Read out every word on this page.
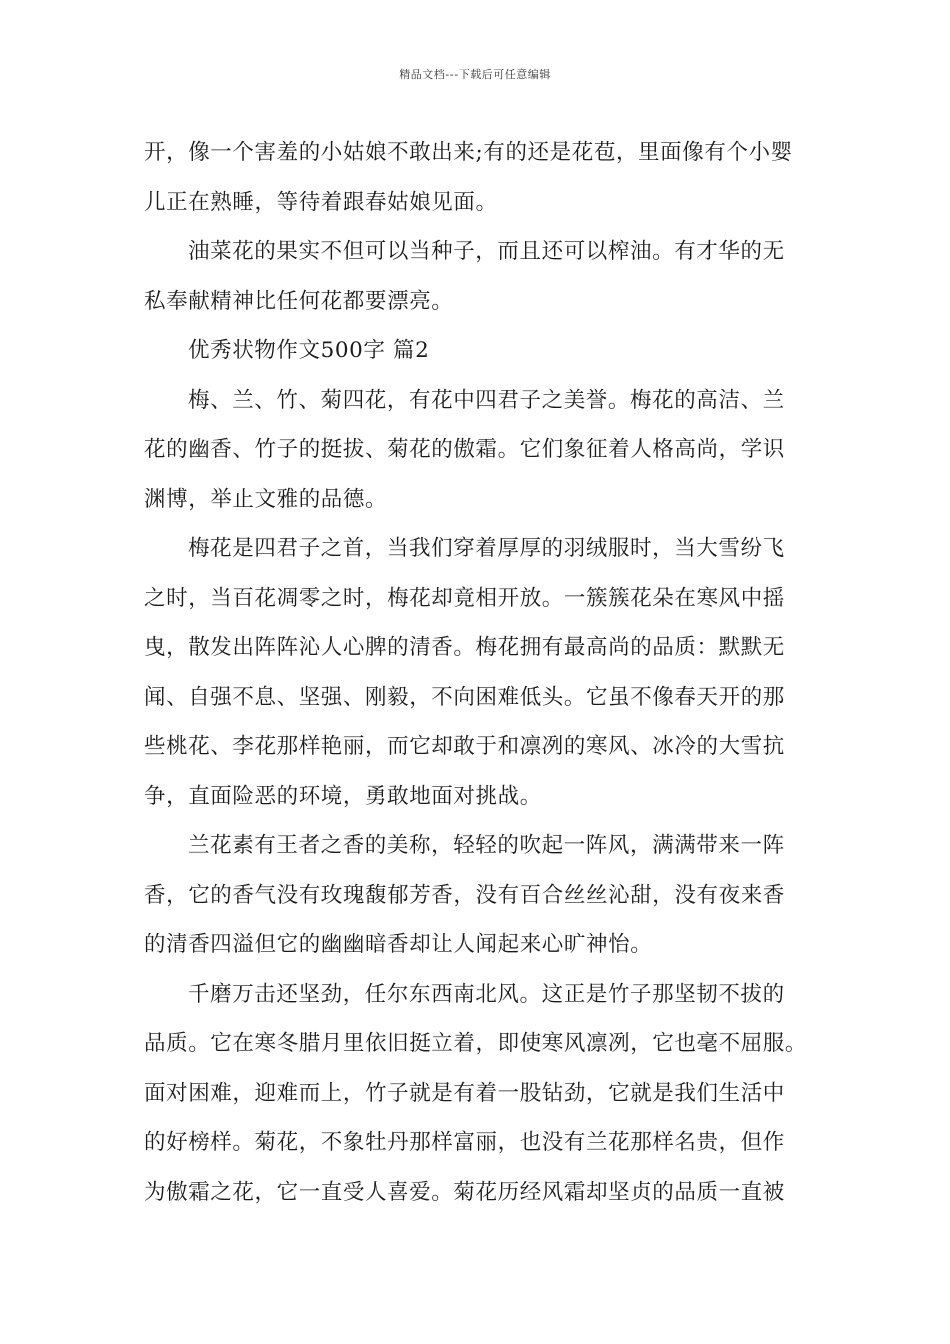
精品文档---下载后可任意编辑
开，像一个害羞的小姑娘不敢出来;有的还是花苞，里面像有个小婴
儿正在熟睡，等待着跟春姑娘见面。
油菜花的果实不但可以当种子，而且还可以榨油。有才华的无
私奉献精神比任何花都要漂亮。
优秀状物作文500字 篇2
梅、兰、竹、菊四花，有花中四君子之美誉。梅花的高洁、兰
花的幽香、竹子的挺拔、菊花的傲霜。它们象征着人格高尚，学识
渊博，举止文雅的品德。
梅花是四君子之首，当我们穿着厚厚的羽绒服时，当大雪纷飞
之时，当百花凋零之时，梅花却竟相开放。一簇簇花朵在寒风中摇
曳，散发出阵阵沁人心脾的清香。梅花拥有最高尚的品质：默默无
闻、自强不息、坚强、刚毅，不向困难低头。它虽不像春天开的那
些桃花、李花那样艳丽，而它却敢于和凛冽的寒风、冰冷的大雪抗
争，直面险恶的环境，勇敢地面对挑战。
兰花素有王者之香的美称，轻轻的吹起一阵风，满满带来一阵
香，它的香气没有玫瑰馥郁芳香，没有百合丝丝沁甜，没有夜来香
的清香四溢但它的幽幽暗香却让人闻起来心旷神怡。
千磨万击还坚劲，任尔东西南北风。这正是竹子那坚韧不拔的
品质。它在寒冬腊月里依旧挺立着，即使寒风凛冽，它也毫不屈服。
面对困难，迎难而上，竹子就是有着一股钻劲，它就是我们生活中
的好榜样。菊花，不象牡丹那样富丽，也没有兰花那样名贵，但作
为傲霜之花，它一直受人喜爱。菊花历经风霜却坚贞的品质一直被
